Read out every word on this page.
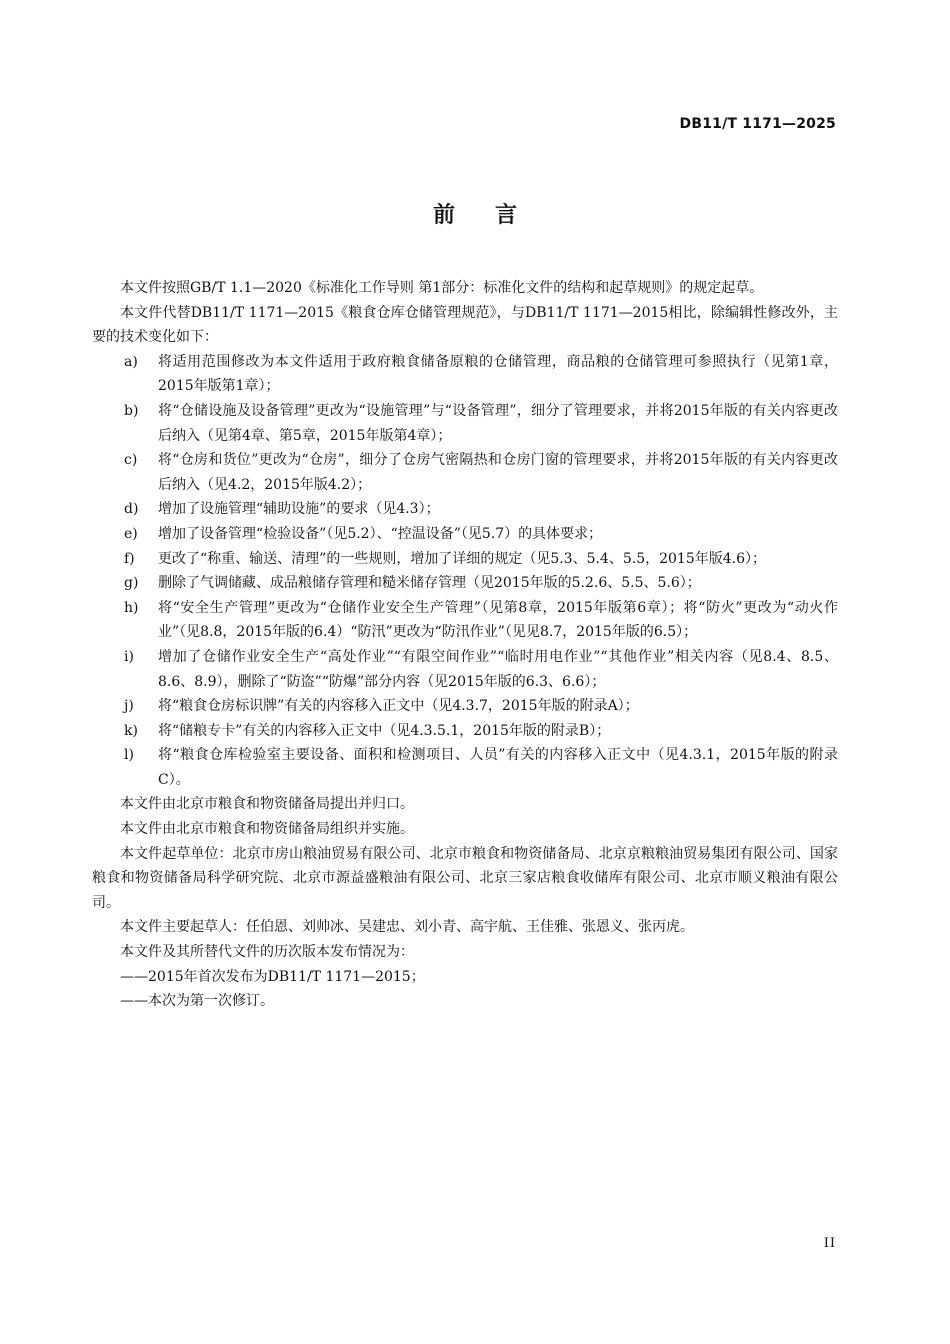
DB11/T 1171—2025
前言

本文件按照GB/T 1.1—2020《标准化工作导则 第1部分：标准化文件的结构和起草规则》的规定起草。

本文件代替DB11/T 1171—2015《粮食仓库仓储管理规范》，与DB11/T 1171—2015相比，除编辑性修改外，主要的技术变化如下：

a) 将适用范围修改为本文件适用于政府粮食储备原粮的仓储管理，商品粮的仓储管理可参照执行（见第1章，2015年版第1章）；
b) 将“仓储设施及设备管理”更改为“设施管理”与“设备管理”，细分了管理要求，并将2015年版的有关内容更改后纳入（见第4章、第5章，2015年版第4章）；
c) 将“仓房和货位”更改为“仓房”，细分了仓房气密隔热和仓房门窗的管理要求，并将2015年版的有关内容更改后纳入（见4.2，2015年版4.2）；
d) 增加了设施管理“辅助设施”的要求（见4.3）；
e) 增加了设备管理“检验设备”（见5.2）、“控温设备”（见5.7）的具体要求；
f) 更改了“称重、输送、清理”的一些规则，增加了详细的规定（见5.3、5.4、5.5，2015年版4.6）；
g) 删除了气调储藏、成品粮储存管理和糙米储存管理（见2015年版的5.2.6、5.5、5.6）；
h) 将“安全生产管理”更改为“仓储作业安全生产管理”（见第8章，2015年版第6章）；将“防火”更改为“动火作业”（见8.8，2015年版的6.4）“防汛”更改为“防汛作业”（见见8.7，2015年版的6.5）；
i) 增加了仓储作业安全生产“高处作业”“有限空间作业”“临时用电作业”“其他作业”相关内容（见8.4、8.5、8.6、8.9），删除了“防盗”“防爆”部分内容（见2015年版的6.3、6.6）；
j) 将“粮食仓房标识牌”有关的内容移入正文中（见4.3.7，2015年版的附录A）；
k) 将“储粮专卡”有关的内容移入正文中（见4.3.5.1，2015年版的附录B）；
l) 将“粮食仓库检验室主要设备、面积和检测项目、人员”有关的内容移入正文中（见4.3.1，2015年版的附录C）。

本文件由北京市粮食和物资储备局提出并归口。

本文件由北京市粮食和物资储备局组织并实施。

本文件起草单位：北京市房山粮油贸易有限公司、北京市粮食和物资储备局、北京京粮粮油贸易集团有限公司、国家粮食和物资储备局科学研究院、北京市源益盛粮油有限公司、北京三家店粮食收储库有限公司、北京市顺义粮油有限公司。

本文件主要起草人：任伯恩、刘帅冰、吴建忠、刘小青、高宇航、王佳雅、张恩义、张丙虎。

本文件及其所替代文件的历次版本发布情况为：

——2015年首次发布为DB11/T 1171—2015；

——本次为第一次修订。

II
